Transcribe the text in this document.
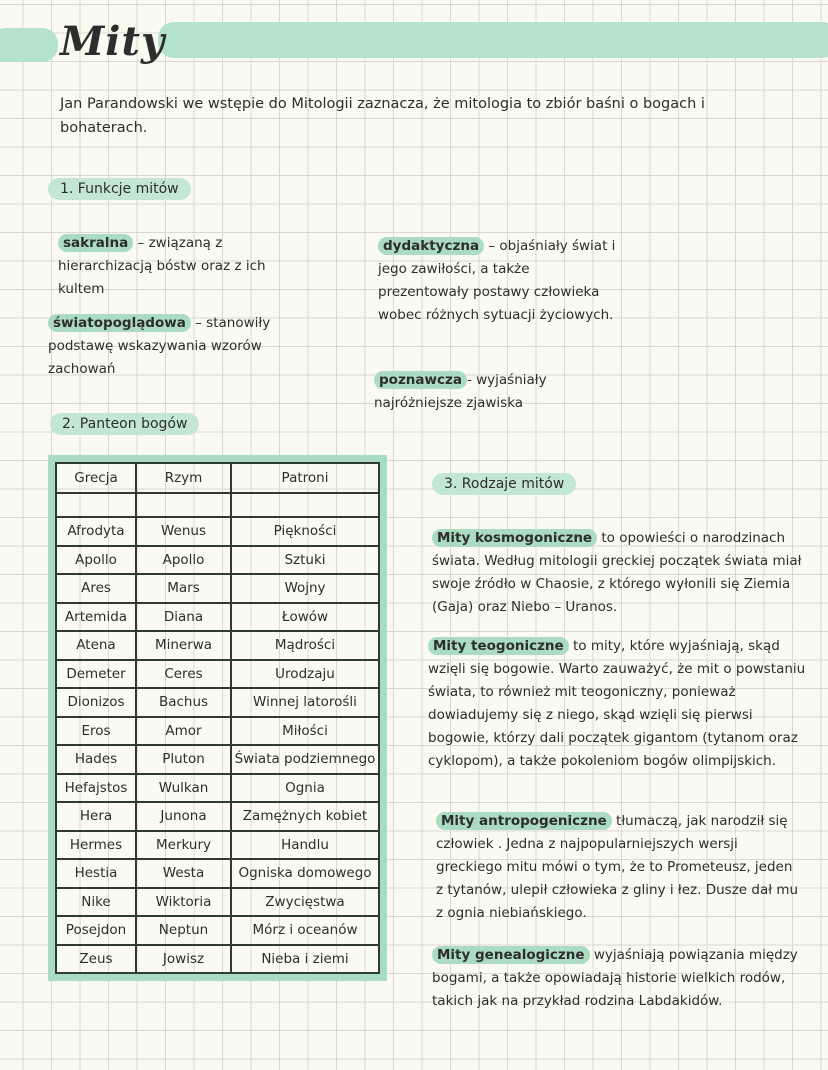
Mity
Jan Parandowski we wstępie do Mitologii zaznacza, że mitologia to zbiór baśni o bogach i bohaterach.
1. Funkcje mitów
sakralna – związaną z hierarchizacją bóstw oraz z ich kultem
światopoglądowa – stanowiły podstawę wskazywania wzorów zachowań
dydaktyczna – objaśniały świat i jego zawiłości, a także prezentowały postawy człowieka wobec różnych sytuacji życiowych.
poznawcza - wyjaśniały najróżniejsze zjawiska
2. Panteon bogów
Grecja	Rzym	Patroni

Afrodyta	Wenus	Piękności
Apollo	Apollo	Sztuki
Ares	Mars	Wojny
Artemida	Diana	Łowów
Atena	Minerwa	Mądrości
Demeter	Ceres	Urodzaju
Dionizos	Bachus	Winnej latorośli
Eros	Amor	Miłości
Hades	Pluton	Świata podziemnego
Hefajstos	Wulkan	Ognia
Hera	Junona	Zamężnych kobiet
Hermes	Merkury	Handlu
Hestia	Westa	Ogniska domowego
Nike	Wiktoria	Zwycięstwa
Posejdon	Neptun	Mórz i oceanów
Zeus	Jowisz	Nieba i ziemi
3. Rodzaje mitów
Mity kosmogoniczne to opowieści o narodzinach świata. Według mitologii greckiej początek świata miał swoje źródło w Chaosie, z którego wyłonili się Ziemia (Gaja) oraz Niebo – Uranos.
Mity teogoniczne to mity, które wyjaśniają, skąd wzięli się bogowie. Warto zauważyć, że mit o powstaniu świata, to również mit teogoniczny, ponieważ dowiadujemy się z niego, skąd wzięli się pierwsi bogowie, którzy dali początek gigantom (tytanom oraz cyklopom), a także pokoleniom bogów olimpijskich.
Mity antropogeniczne tłumaczą, jak narodził się człowiek . Jedna z najpopularniejszych wersji greckiego mitu mówi o tym, że to Prometeusz, jeden z tytanów, ulepił człowieka z gliny i łez. Dusze dał mu z ognia niebiańskiego.
Mity genealogiczne wyjaśniają powiązania między bogami, a także opowiadają historie wielkich rodów, takich jak na przykład rodzina Labdakidów.
